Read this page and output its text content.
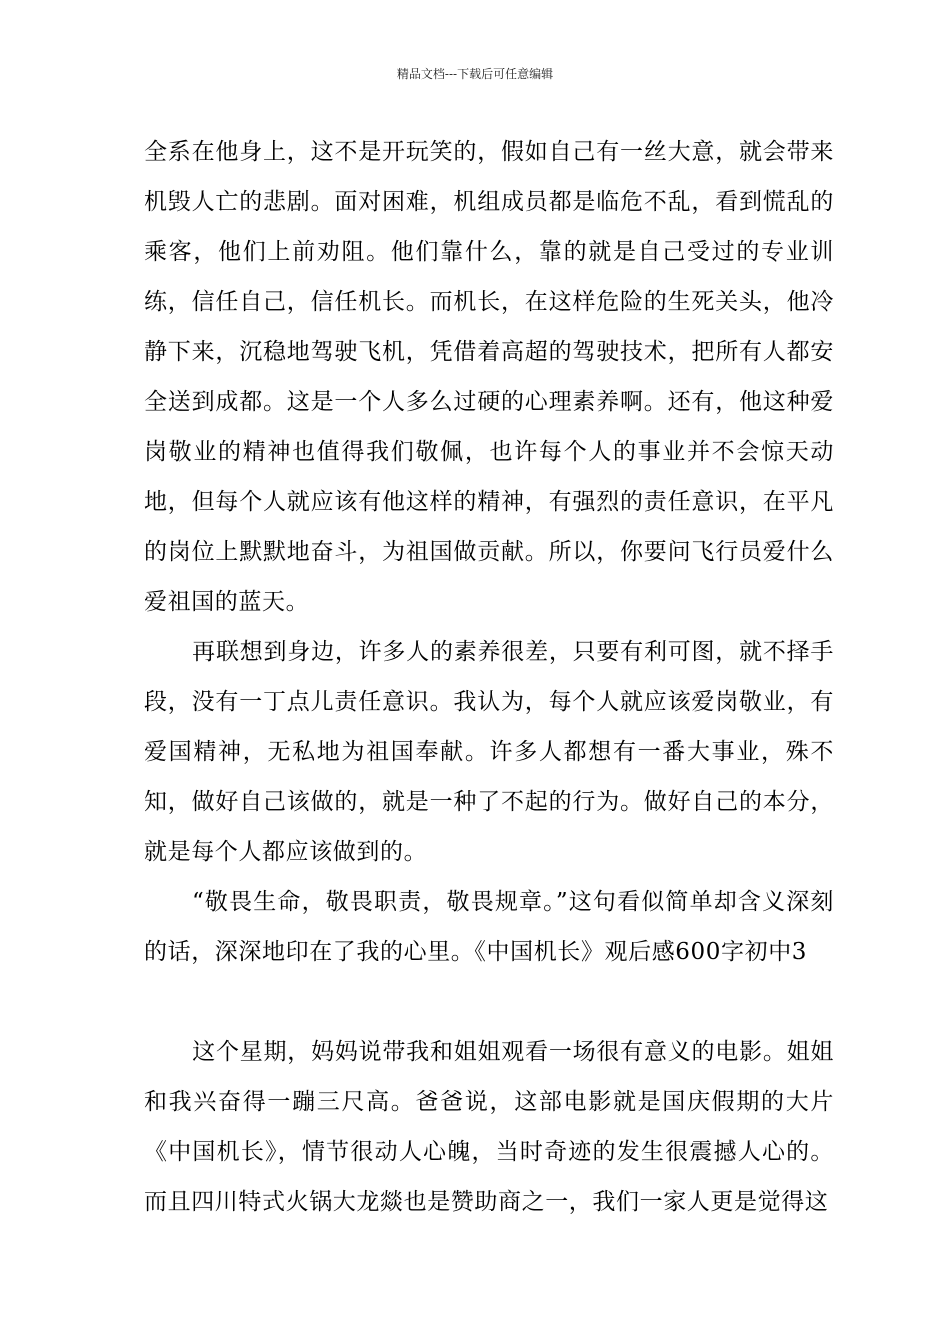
精品文档---下载后可任意编辑

全系在他身上，这不是开玩笑的，假如自己有一丝大意，就会带来机毁人亡的悲剧。面对困难，机组成员都是临危不乱，看到慌乱的乘客，他们上前劝阻。他们靠什么，靠的就是自己受过的专业训练，信任自己，信任机长。而机长，在这样危险的生死关头，他冷静下来，沉稳地驾驶飞机，凭借着高超的驾驶技术，把所有人都安全送到成都。这是一个人多么过硬的心理素养啊。还有，他这种爱岗敬业的精神也值得我们敬佩，也许每个人的事业并不会惊天动地，但每个人就应该有他这样的精神，有强烈的责任意识，在平凡的岗位上默默地奋斗，为祖国做贡献。所以，你要问飞行员爱什么爱祖国的蓝天。

再联想到身边，许多人的素养很差，只要有利可图，就不择手段，没有一丁点儿责任意识。我认为，每个人就应该爱岗敬业，有爱国精神，无私地为祖国奉献。许多人都想有一番大事业，殊不知，做好自己该做的，就是一种了不起的行为。做好自己的本分，就是每个人都应该做到的。

“敬畏生命，敬畏职责，敬畏规章。”这句看似简单却含义深刻的话，深深地印在了我的心里。《中国机长》观后感600字初中3

这个星期，妈妈说带我和姐姐观看一场很有意义的电影。姐姐和我兴奋得一蹦三尺高。爸爸说，这部电影就是国庆假期的大片《中国机长》，情节很动人心魄，当时奇迹的发生很震撼人心的。而且四川特式火锅大龙燚也是赞助商之一，我们一家人更是觉得这
